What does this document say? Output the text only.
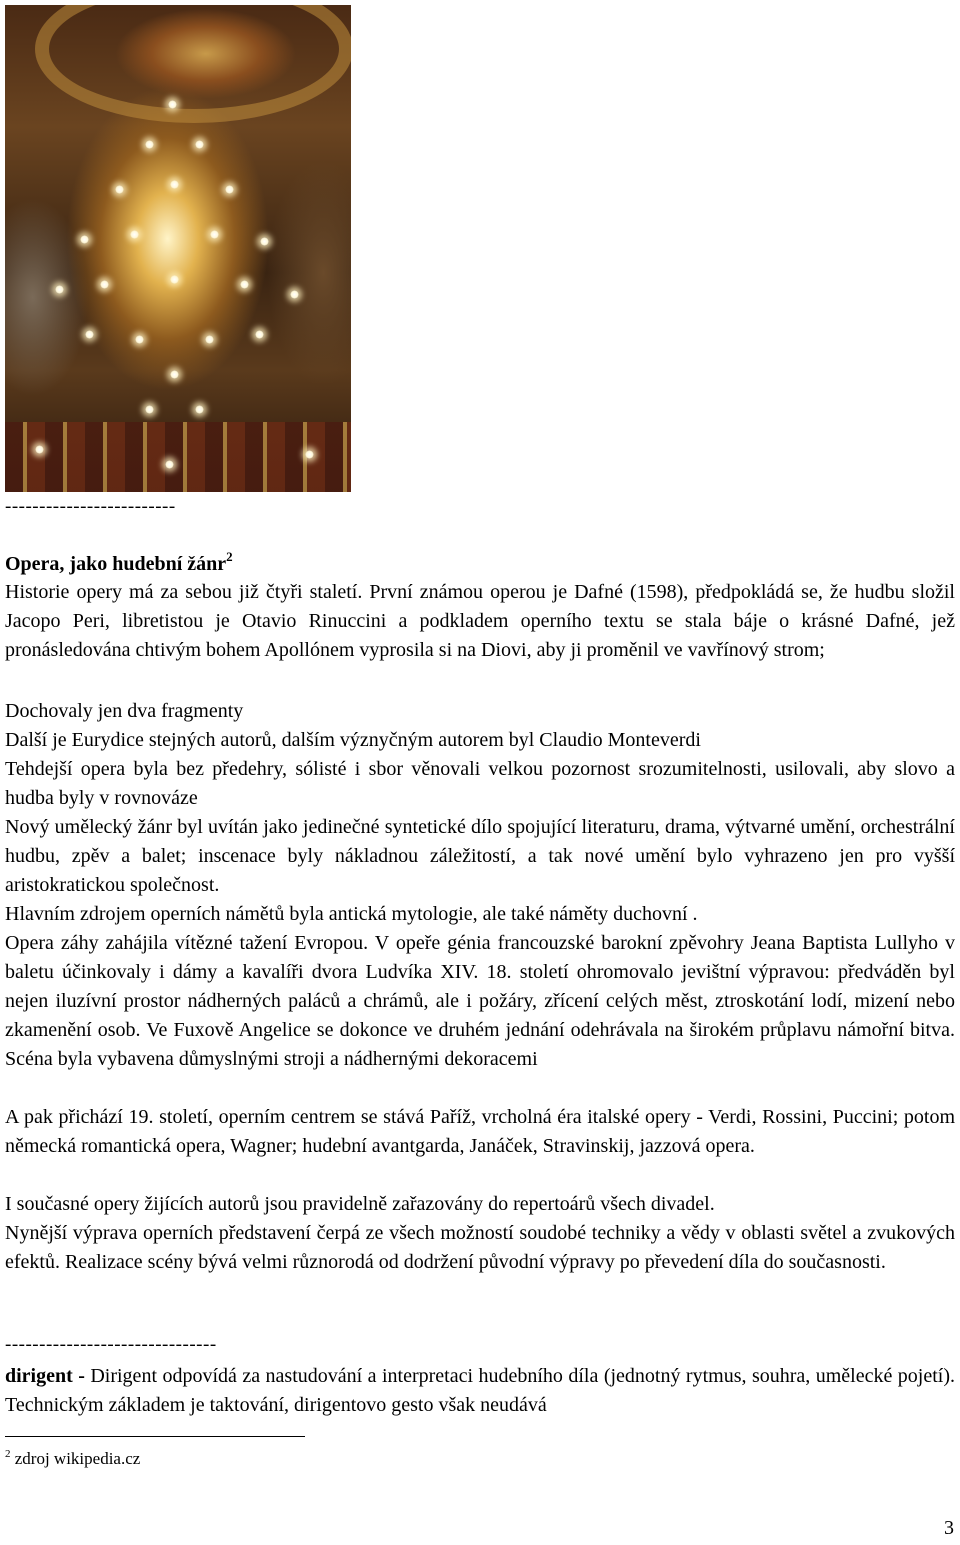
-------------------------
Opera, jako hudební žánr$^2$
Historie opery má za sebou již čtyři staletí. První známou operou je Dafné (1598), předpokládá se, že hudbu složil Jacopo Peri, libretistou je Otavio Rinuccini a podkladem operního textu se stala báje o krásné Dafné, jež pronásledována chtivým bohem Apollónem vyprosila si na Diovi, aby ji proměnil ve vavřínový strom;
Dochovaly jen dva fragmenty
Další je Eurydice stejných autorů, dalším význyčným autorem byl Claudio Monteverdi
Tehdejší opera byla bez předehry, sólisté i sbor věnovali velkou pozornost srozumitelnosti, usilovali, aby slovo a hudba byly v rovnováze
Nový umělecký žánr byl uvítán jako jedinečné syntetické dílo spojující literaturu, drama, výtvarné umění, orchestrální hudbu, zpěv a balet; inscenace byly nákladnou záležitostí, a tak nové umění bylo vyhrazeno jen pro vyšší aristokratickou společnost.
Hlavním zdrojem operních námětů byla antická mytologie, ale také náměty duchovní .
Opera záhy zahájila vítězné tažení Evropou. V opeře génia francouzské barokní zpěvohry Jeana Baptista Lullyho v baletu účinkovaly i dámy a kavalíři dvora Ludvíka XIV. 18. století ohromovalo jevištní výpravou: předváděn byl nejen iluzívní prostor nádherných paláců a chrámů, ale i požáry, zřícení celých měst, ztroskotání lodí, mizení nebo zkamenění osob. Ve Fuxově Angelice se dokonce ve druhém jednání odehrávala na širokém průplavu námořní bitva. Scéna byla vybavena důmyslnými stroji a nádhernými dekoracemi
A pak přichází 19. století, operním centrem se stává Paříž, vrcholná éra italské opery - Verdi, Rossini, Puccini; potom německá romantická opera, Wagner; hudební avantgarda, Janáček, Stravinskij, jazzová opera.
I současné opery žijících autorů jsou pravidelně zařazovány do repertoárů všech divadel.
Nynější výprava operních představení čerpá ze všech možností soudobé techniky a vědy v oblasti světel a zvukových efektů. Realizace scény bývá velmi různorodá od dodržení původní výpravy po převedení díla do současnosti.
-------------------------------
dirigent - Dirigent odpovídá za nastudování a interpretaci hudebního díla (jednotný rytmus, souhra, umělecké pojetí). Technickým základem je taktování, dirigentovo gesto však neudává
$^2$ zdroj wikipedia.cz
3
